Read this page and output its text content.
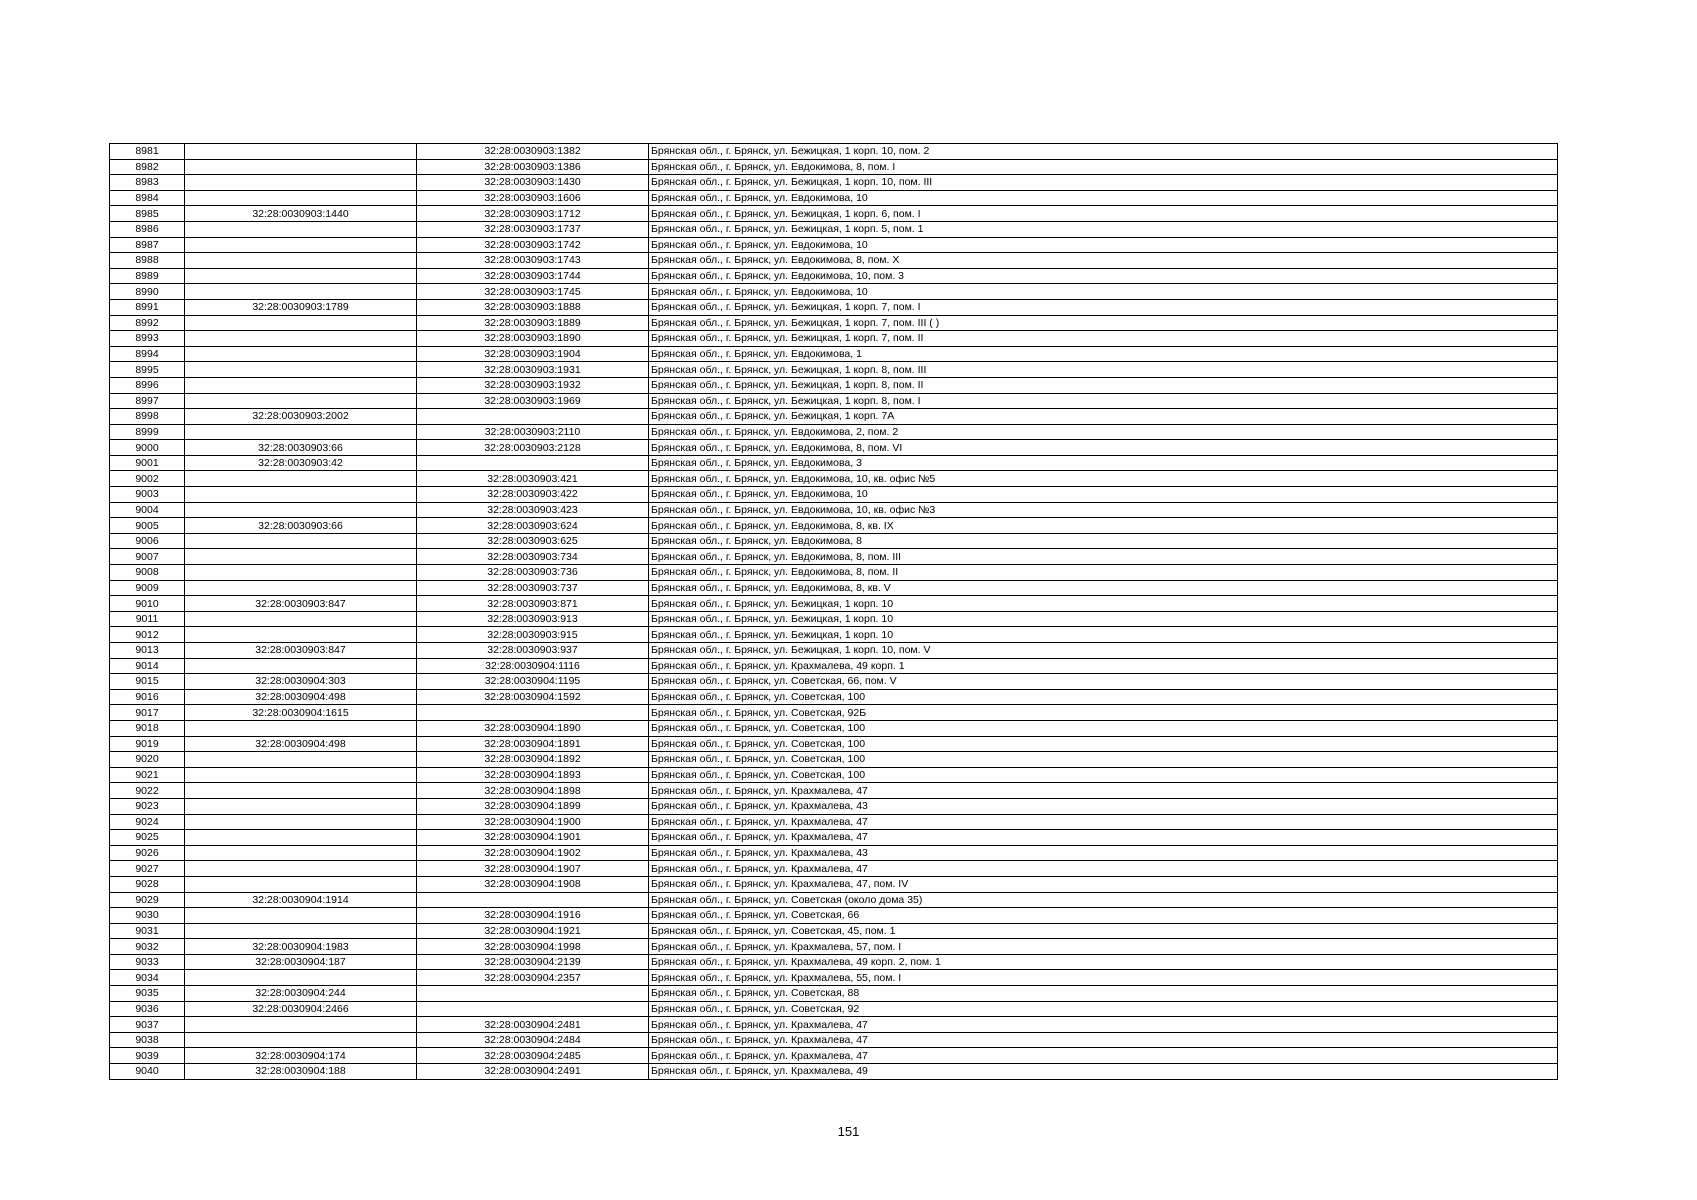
8981		32:28:0030903:1382	Брянская обл., г. Брянск, ул. Бежицкая, 1 корп. 10, пом. 2
8982		32:28:0030903:1386	Брянская обл., г. Брянск, ул. Евдокимова, 8, пом. I
8983		32:28:0030903:1430	Брянская обл., г. Брянск, ул. Бежицкая, 1 корп. 10, пом. III
8984		32:28:0030903:1606	Брянская обл., г. Брянск, ул. Евдокимова, 10
8985	32:28:0030903:1440	32:28:0030903:1712	Брянская обл., г. Брянск, ул. Бежицкая, 1 корп. 6, пом. I
8986		32:28:0030903:1737	Брянская обл., г. Брянск, ул. Бежицкая, 1 корп. 5, пом. 1
8987		32:28:0030903:1742	Брянская обл., г. Брянск, ул. Евдокимова, 10
8988		32:28:0030903:1743	Брянская обл., г. Брянск, ул. Евдокимова, 8, пом. X
8989		32:28:0030903:1744	Брянская обл., г. Брянск, ул. Евдокимова, 10, пом. 3
8990		32:28:0030903:1745	Брянская обл., г. Брянск, ул. Евдокимова, 10
8991	32:28:0030903:1789	32:28:0030903:1888	Брянская обл., г. Брянск, ул. Бежицкая, 1 корп. 7, пом. I
8992		32:28:0030903:1889	Брянская обл., г. Брянск, ул. Бежицкая, 1 корп. 7, пом. III ( )
8993		32:28:0030903:1890	Брянская обл., г. Брянск, ул. Бежицкая, 1 корп. 7, пом. II
8994		32:28:0030903:1904	Брянская обл., г. Брянск, ул. Евдокимова, 1
8995		32:28:0030903:1931	Брянская обл., г. Брянск, ул. Бежицкая, 1 корп. 8, пом. III
8996		32:28:0030903:1932	Брянская обл., г. Брянск, ул. Бежицкая, 1 корп. 8, пом. II
8997		32:28:0030903:1969	Брянская обл., г. Брянск, ул. Бежицкая, 1 корп. 8, пом. I
8998	32:28:0030903:2002		Брянская обл., г. Брянск, ул. Бежицкая, 1 корп. 7А
8999		32:28:0030903:2110	Брянская обл., г. Брянск, ул. Евдокимова, 2, пом. 2
9000	32:28:0030903:66	32:28:0030903:2128	Брянская обл., г. Брянск, ул. Евдокимова, 8, пом. VI
9001	32:28:0030903:42		Брянская обл., г. Брянск, ул. Евдокимова, 3
9002		32:28:0030903:421	Брянская обл., г. Брянск, ул. Евдокимова, 10, кв. офис №5
9003		32:28:0030903:422	Брянская обл., г. Брянск, ул. Евдокимова, 10
9004		32:28:0030903:423	Брянская обл., г. Брянск, ул. Евдокимова, 10, кв. офис №3
9005	32:28:0030903:66	32:28:0030903:624	Брянская обл., г. Брянск, ул. Евдокимова, 8, кв. IX
9006		32:28:0030903:625	Брянская обл., г. Брянск, ул. Евдокимова, 8
9007		32:28:0030903:734	Брянская обл., г. Брянск, ул. Евдокимова, 8, пом. III
9008		32:28:0030903:736	Брянская обл., г. Брянск, ул. Евдокимова, 8, пом. II
9009		32:28:0030903:737	Брянская обл., г. Брянск, ул. Евдокимова, 8, кв. V
9010	32:28:0030903:847	32:28:0030903:871	Брянская обл., г. Брянск, ул. Бежицкая, 1 корп. 10
9011		32:28:0030903:913	Брянская обл., г. Брянск, ул. Бежицкая, 1 корп. 10
9012		32:28:0030903:915	Брянская обл., г. Брянск, ул. Бежицкая, 1 корп. 10
9013	32:28:0030903:847	32:28:0030903:937	Брянская обл., г. Брянск, ул. Бежицкая, 1 корп. 10, пом. V
9014		32:28:0030904:1116	Брянская обл., г. Брянск, ул. Крахмалева, 49 корп. 1
9015	32:28:0030904:303	32:28:0030904:1195	Брянская обл., г. Брянск, ул. Советская, 66, пом. V
9016	32:28:0030904:498	32:28:0030904:1592	Брянская обл., г. Брянск, ул. Советская, 100
9017	32:28:0030904:1615		Брянская обл., г. Брянск, ул. Советская, 92Б
9018		32:28:0030904:1890	Брянская обл., г. Брянск, ул. Советская, 100
9019	32:28:0030904:498	32:28:0030904:1891	Брянская обл., г. Брянск, ул. Советская, 100
9020		32:28:0030904:1892	Брянская обл., г. Брянск, ул. Советская, 100
9021		32:28:0030904:1893	Брянская обл., г. Брянск, ул. Советская, 100
9022		32:28:0030904:1898	Брянская обл., г. Брянск, ул. Крахмалева, 47
9023		32:28:0030904:1899	Брянская обл., г. Брянск, ул. Крахмалева, 43
9024		32:28:0030904:1900	Брянская обл., г. Брянск, ул. Крахмалева, 47
9025		32:28:0030904:1901	Брянская обл., г. Брянск, ул. Крахмалева, 47
9026		32:28:0030904:1902	Брянская обл., г. Брянск, ул. Крахмалева, 43
9027		32:28:0030904:1907	Брянская обл., г. Брянск, ул. Крахмалева, 47
9028		32:28:0030904:1908	Брянская обл., г. Брянск, ул. Крахмалева, 47, пом. IV
9029	32:28:0030904:1914		Брянская обл., г. Брянск, ул. Советская (около дома 35)
9030		32:28:0030904:1916	Брянская обл., г. Брянск, ул. Советская, 66
9031		32:28:0030904:1921	Брянская обл., г. Брянск, ул. Советская, 45, пом. 1
9032	32:28:0030904:1983	32:28:0030904:1998	Брянская обл., г. Брянск, ул. Крахмалева, 57, пом. I
9033	32:28:0030904:187	32:28:0030904:2139	Брянская обл., г. Брянск, ул. Крахмалева, 49 корп. 2, пом. 1
9034		32:28:0030904:2357	Брянская обл., г. Брянск, ул. Крахмалева, 55, пом. I
9035	32:28:0030904:244		Брянская обл., г. Брянск, ул. Советская, 88
9036	32:28:0030904:2466		Брянская обл., г. Брянск, ул. Советская, 92
9037		32:28:0030904:2481	Брянская обл., г. Брянск, ул. Крахмалева, 47
9038		32:28:0030904:2484	Брянская обл., г. Брянск, ул. Крахмалева, 47
9039	32:28:0030904:174	32:28:0030904:2485	Брянская обл., г. Брянск, ул. Крахмалева, 47
9040	32:28:0030904:188	32:28:0030904:2491	Брянская обл., г. Брянск, ул. Крахмалева, 49
151
